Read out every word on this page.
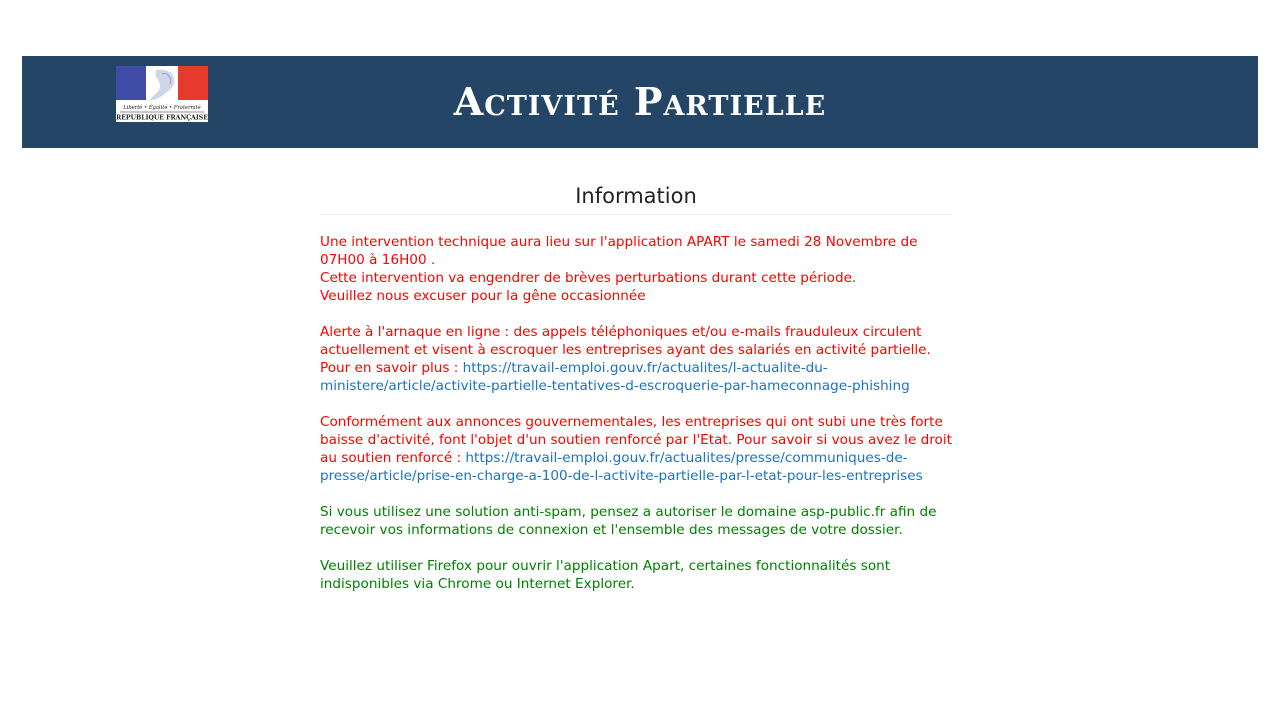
Liberté • Égalité • Fraternité
RÉPUBLIQUE FRANÇAISE	Activité Partielle
Information

Une intervention technique aura lieu sur l'application APART le samedi 28 Novembre de 07H00 à 16H00 .
Cette intervention va engendrer de brèves perturbations durant cette période.
Veuillez nous excuser pour la gêne occasionnée

Alerte à l'arnaque en ligne : des appels téléphoniques et/ou e-mails frauduleux circulent actuellement et visent à escroquer les entreprises ayant des salariés en activité partielle.
Pour en savoir plus : https://travail-emploi.gouv.fr/actualites/l-actualite-du-ministere/article/activite-partielle-tentatives-d-escroquerie-par-hameconnage-phishing

Conformément aux annonces gouvernementales, les entreprises qui ont subi une très forte baisse d'activité, font l'objet d'un soutien renforcé par l'Etat. Pour savoir si vous avez le droit au soutien renforcé : https://travail-emploi.gouv.fr/actualites/presse/communiques-de-presse/article/prise-en-charge-a-100-de-l-activite-partielle-par-l-etat-pour-les-entreprises

Si vous utilisez une solution anti-spam, pensez a autoriser le domaine asp-public.fr afin de recevoir vos informations de connexion et l'ensemble des messages de votre dossier.

Veuillez utiliser Firefox pour ouvrir l'application Apart, certaines fonctionnalités sont indisponibles via Chrome ou Internet Explorer.
